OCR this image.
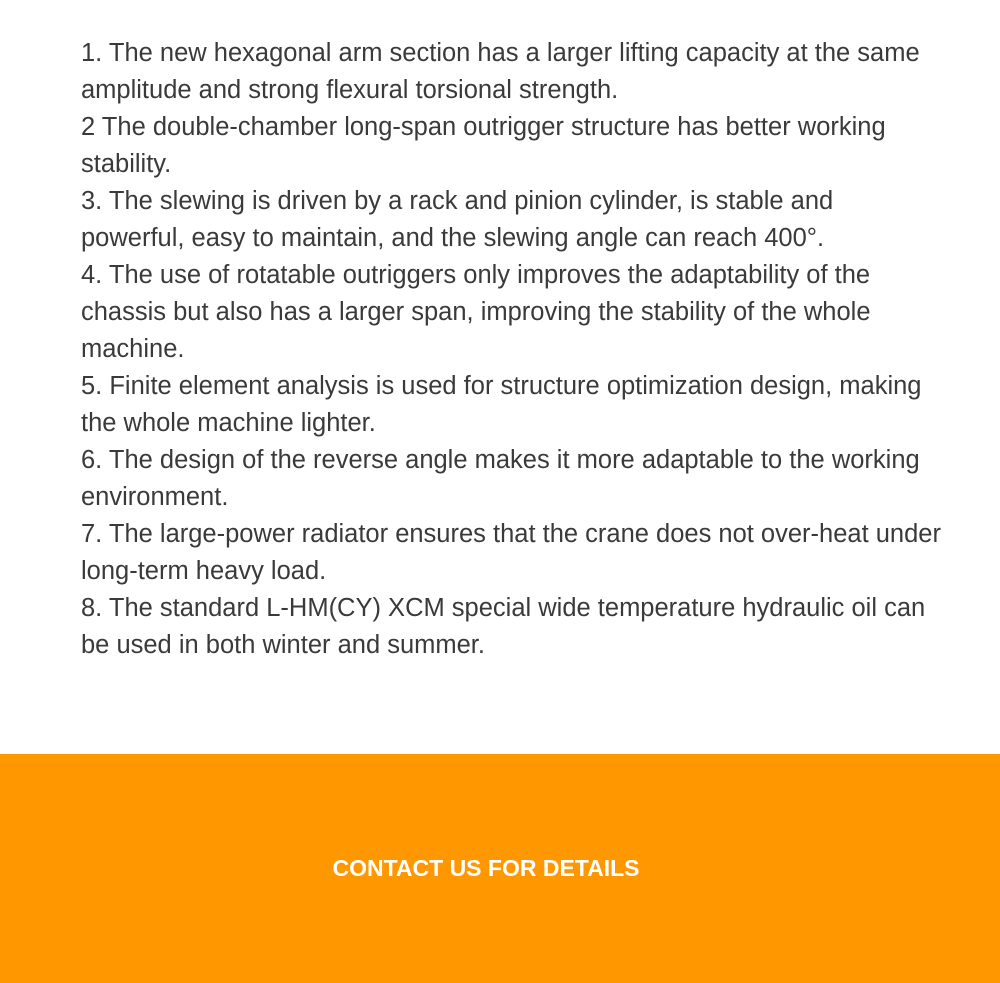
1. The new hexagonal arm section has a larger lifting capacity at the same amplitude and strong flexural torsional strength.

2 The double-chamber long-span outrigger structure has better working stability.

3. The slewing is driven by a rack and pinion cylinder, is stable and powerful, easy to maintain, and the slewing angle can reach 400°.

4. The use of rotatable outriggers only improves the adaptability of the chassis but also has a larger span, improving the stability of the whole machine.

5. Finite element analysis is used for structure optimization design, making the whole machine lighter.

6. The design of the reverse angle makes it more adaptable to the working environment.

7. The large-power radiator ensures that the crane does not over-heat under long-term heavy load.

8. The standard L-HM(CY) XCM special wide temperature hydraulic oil can be used in both winter and summer.

CONTACT US FOR DETAILS
